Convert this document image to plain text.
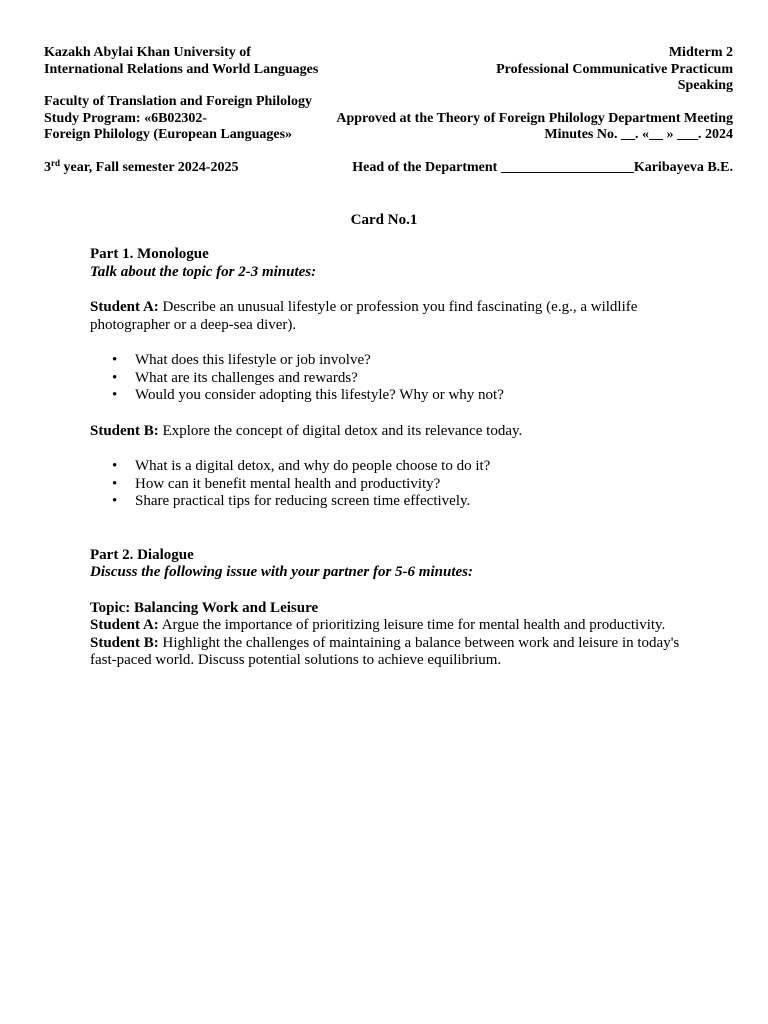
Kazakh Abylai Khan University of
International Relations and World Languages
Midterm 2
Professional Communicative Practicum
Speaking
Faculty of Translation and Foreign Philology
Study Program: «6B02302-
Foreign Philology (European Languages»
Approved at the Theory of Foreign Philology Department Meeting
Minutes No. __. «__ » ___. 2024
3rd year, Fall semester 2024-2025	Head of the Department ___________________Karibayeva B.E.
Card No.1
Part 1. Monologue
Talk about the topic for 2-3 minutes:
Student A: Describe an unusual lifestyle or profession you find fascinating (e.g., a wildlife photographer or a deep-sea diver).
• What does this lifestyle or job involve?
• What are its challenges and rewards?
• Would you consider adopting this lifestyle? Why or why not?
Student B: Explore the concept of digital detox and its relevance today.
• What is a digital detox, and why do people choose to do it?
• How can it benefit mental health and productivity?
• Share practical tips for reducing screen time effectively.
Part 2. Dialogue
Discuss the following issue with your partner for 5-6 minutes:
Topic: Balancing Work and Leisure
Student A: Argue the importance of prioritizing leisure time for mental health and productivity.
Student B: Highlight the challenges of maintaining a balance between work and leisure in today's fast-paced world. Discuss potential solutions to achieve equilibrium.
